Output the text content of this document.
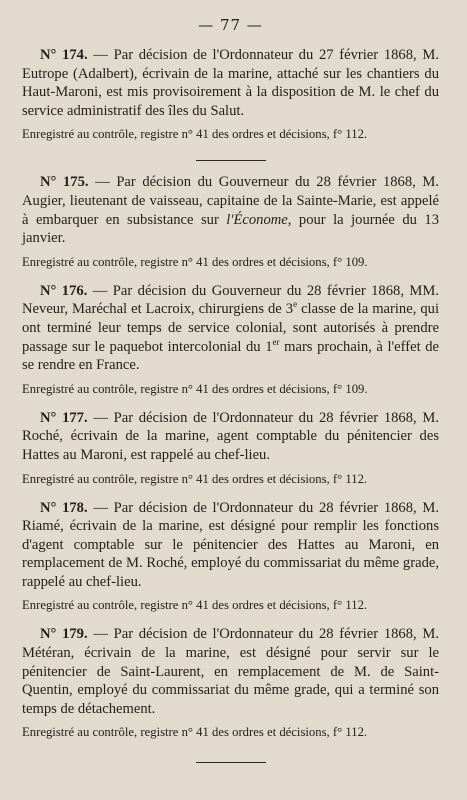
— 77 —

N° 174. — Par décision de l'Ordonnateur du 27 février 1868, M. Eutrope (Adalbert), écrivain de la marine, attaché sur les chantiers du Haut-Maroni, est mis provisoirement à la disposition de M. le chef du service administratif des îles du Salut.

Enregistré au contrôle, registre n° 41 des ordres et décisions, f° 112.

N° 175. — Par décision du Gouverneur du 28 février 1868, M. Augier, lieutenant de vaisseau, capitaine de la Sainte-Marie, est appelé à embarquer en subsistance sur l'Économe, pour la journée du 13 janvier.

Enregistré au contrôle, registre n° 41 des ordres et décisions, f° 109.

N° 176. — Par décision du Gouverneur du 28 février 1868, MM. Neveur, Maréchal et Lacroix, chirurgiens de 3e classe de la marine, qui ont terminé leur temps de service colonial, sont autorisés à prendre passage sur le paquebot intercolonial du 1er mars prochain, à l'effet de se rendre en France.

Enregistré au contrôle, registre n° 41 des ordres et décisions, f° 109.

N° 177. — Par décision de l'Ordonnateur du 28 février 1868, M. Roché, écrivain de la marine, agent comptable du pénitencier des Hattes au Maroni, est rappelé au chef-lieu.

Enregistré au contrôle, registre n° 41 des ordres et décisions, f° 112.

N° 178. — Par décision de l'Ordonnateur du 28 février 1868, M. Riamé, écrivain de la marine, est désigné pour remplir les fonctions d'agent comptable sur le pénitencier des Hattes au Maroni, en remplacement de M. Roché, employé du commissariat du même grade, rappelé au chef-lieu.

Enregistré au contrôle, registre n° 41 des ordres et décisions, f° 112.

N° 179. — Par décision de l'Ordonnateur du 28 février 1868, M. Météran, écrivain de la marine, est désigné pour servir sur le pénitencier de Saint-Laurent, en remplacement de M. de Saint-Quentin, employé du commissariat du même grade, qui a terminé son temps de détachement.

Enregistré au contrôle, registre n° 41 des ordres et décisions, f° 112.
